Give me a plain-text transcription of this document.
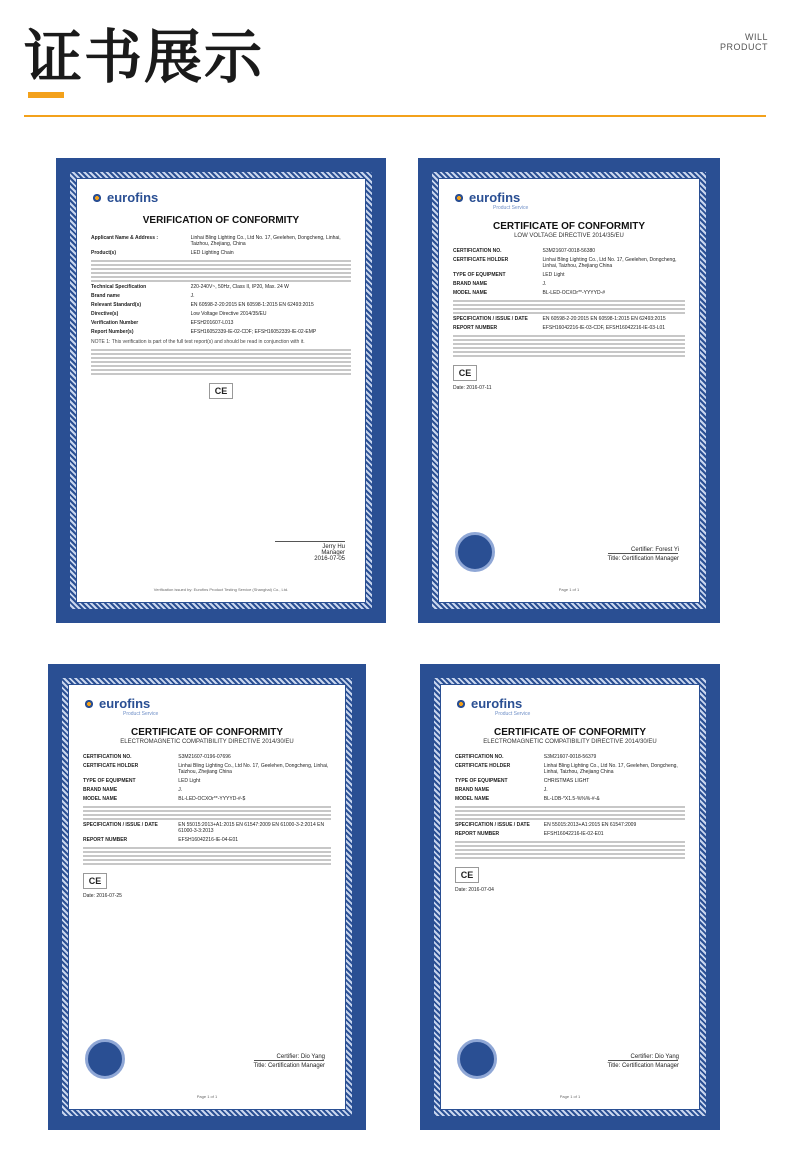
证书展示	WILL
PRODUCT
eurofins
VERIFICATION OF CONFORMITY
Applicant Name & Address :	Linhai Bling Lighting Co., Ltd No. 17, Geelehen, Dongcheng, Linhai, Taizhou, Zhejiang, China
Product(s)	LED Lighting Chain
Technical Specification	220-240V~, 50Hz, Class II, IP20, Max. 24 W
Brand name	J.
Relevant Standard(s)	EN 60598-2-20:2015 EN 60598-1:2015 EN 62493:2015
Directive(s)	Low Voltage Directive 2014/35/EU
Verification Number	EFSH201607-L013
Report Number(s)	EFSH16052339-IE-02-CDF; EFSH16052339-IE-02-EMP
NOTE 1: This verification is part of the full test report(s) and should be read in conjunction with it.
CE
Jerry Hu
Manager
2016-07-05
Verification issued by: Eurofins Product Testing Service (Shanghai) Co., Ltd.
eurofins
Product Service
CERTIFICATE OF CONFORMITY
LOW VOLTAGE DIRECTIVE 2014/35/EU
CERTIFICATION NO.	S3M21607-0018-56380
CERTIFICATE HOLDER	Linhai Bling Lighting Co., Ltd No. 17, Geelehen, Dongcheng, Linhai, Taizhou, Zhejiang China
TYPE OF EQUIPMENT	LED Light
BRAND NAME	J.
MODEL NAME	BL-LED-OCXOr**-YYYYD-#
SPECIFICATION / ISSUE / DATE	EN 60598-2-20:2015 EN 60598-1:2015 EN 62493:2015
REPORT NUMBER	EFSH16042216-IE-03-CDF, EFSH16042216-IE-03-L01
CE
Date: 2016-07-11
Certifier: Forest Yi
Title: Certification Manager
Page 1 of 1
eurofins
Product Service
CERTIFICATE OF CONFORMITY
ELECTROMAGNETIC COMPATIBILITY DIRECTIVE 2014/30/EU
CERTIFICATION NO.	S3M21607-0196-07696
CERTIFICATE HOLDER	Linhai Bling Lighting Co., Ltd No. 17, Geelehen, Dongcheng, Linhai, Taizhou, Zhejiang China
TYPE OF EQUIPMENT	LED Light
BRAND NAME	J.
MODEL NAME	BL-LED-OCXOr**-YYYYD-#-$
SPECIFICATION / ISSUE / DATE	EN 55015:2013+A1:2015 EN 61547:2009 EN 61000-3-2:2014 EN 61000-3-3:2013
REPORT NUMBER	EFSH16042216-IE-04-E01
CE
Date: 2016-07-25
Certifier: Dio Yang
Title: Certification Manager
Page 1 of 1
eurofins
Product Service
CERTIFICATE OF CONFORMITY
ELECTROMAGNETIC COMPATIBILITY DIRECTIVE 2014/30/EU
CERTIFICATION NO.	S3M21607-0018-56379
CERTIFICATE HOLDER	Linhai Bling Lighting Co., Ltd No. 17, Geelehen, Dongcheng, Linhai, Taizhou, Zhejiang China
TYPE OF EQUIPMENT	CHRISTMAS LIGHT
BRAND NAME	J.
MODEL NAME	BL-LDB-*X1.5-%%%-#-&
SPECIFICATION / ISSUE / DATE	EN 55015:2013+A1:2015 EN 61547:2009
REPORT NUMBER	EFSH16042216-IE-02-E01
CE
Date: 2016-07-04
Certifier: Dio Yang
Title: Certification Manager
Page 1 of 1
